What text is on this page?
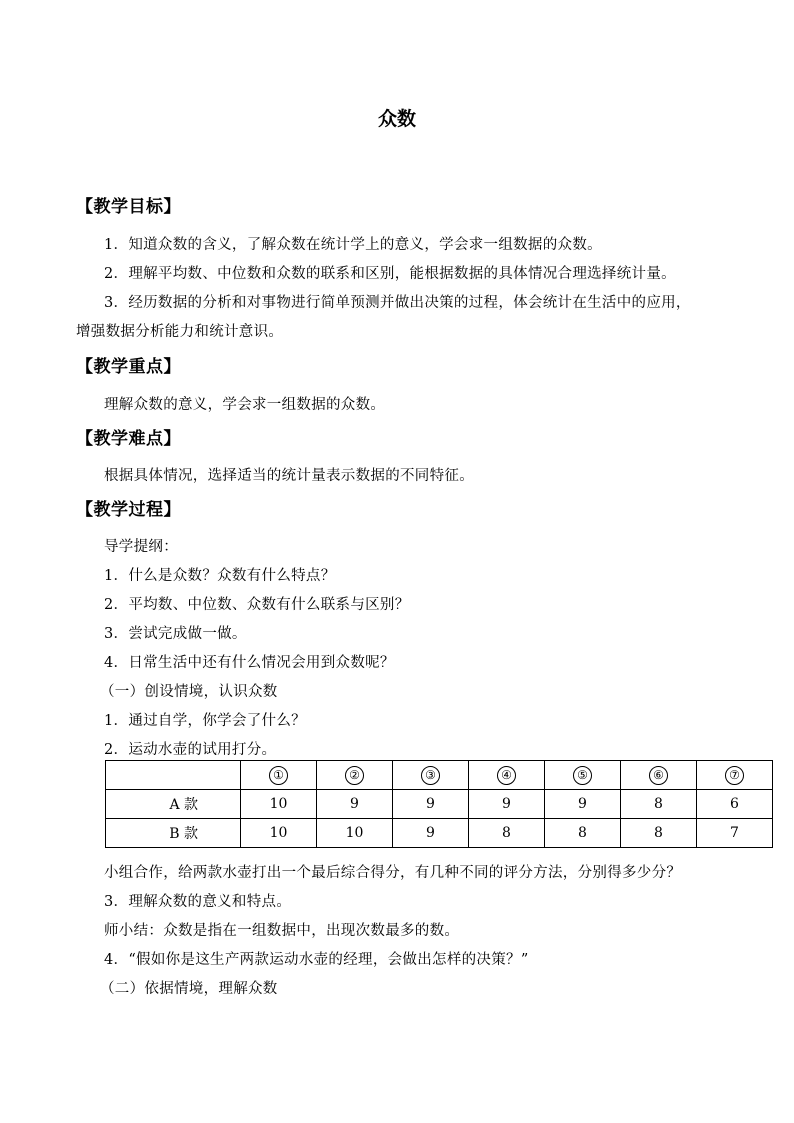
众数
【教学目标】
1．知道众数的含义，了解众数在统计学上的意义，学会求一组数据的众数。
2．理解平均数、中位数和众数的联系和区别，能根据数据的具体情况合理选择统计量。
3．经历数据的分析和对事物进行简单预测并做出决策的过程，体会统计在生活中的应用，
增强数据分析能力和统计意识。
【教学重点】
理解众数的意义，学会求一组数据的众数。
【教学难点】
根据具体情况，选择适当的统计量表示数据的不同特征。
【教学过程】
导学提纲：
1．什么是众数？众数有什么特点？
2．平均数、中位数、众数有什么联系与区别？
3．尝试完成做一做。
4．日常生活中还有什么情况会用到众数呢？
（一）创设情境，认识众数
1．通过自学，你学会了什么？
2．运动水壶的试用打分。
	①	②	③	④	⑤	⑥	⑦
A 款	10	9	9	9	9	8	6
B 款	10	10	9	8	8	8	7
小组合作，给两款水壶打出一个最后综合得分，有几种不同的评分方法，分别得多少分？
3．理解众数的意义和特点。
师小结：众数是指在一组数据中，出现次数最多的数。
4．“假如你是这生产两款运动水壶的经理，会做出怎样的决策？”
（二）依据情境，理解众数
